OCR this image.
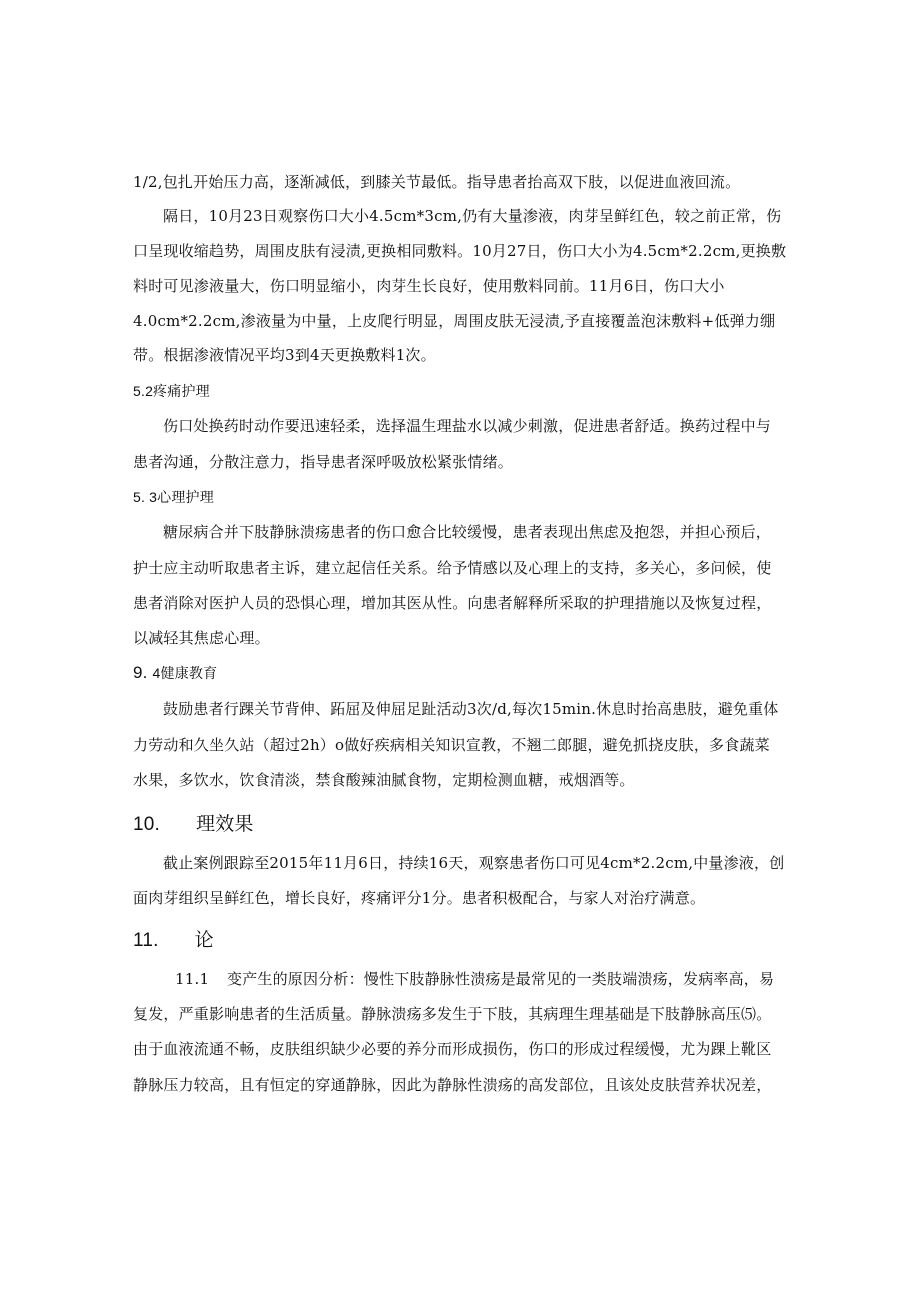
1/2,包扎开始压力高，逐渐减低，到膝关节最低。指导患者抬高双下肢，以促进血液回流。
隔日，10月23日观察伤口大小4.5cm*3cm,仍有大量渗液，肉芽呈鲜红色，较之前正常，伤
口呈现收缩趋势，周围皮肤有浸渍,更换相同敷料。10月27日，伤口大小为4.5cm*2.2cm,更换敷
料时可见渗液量大，伤口明显缩小，肉芽生长良好，使用敷料同前。11月6日，伤口大小
4.0cm*2.2cm,渗液量为中量，上皮爬行明显，周围皮肤无浸渍,予直接覆盖泡沫敷料+低弹力绷
带。根据渗液情况平均3到4天更换敷料1次。
5.2疼痛护理
伤口处换药时动作要迅速轻柔，选择温生理盐水以减少刺激，促进患者舒适。换药过程中与
患者沟通，分散注意力，指导患者深呼吸放松紧张情绪。
5. 3心理护理
糖尿病合并下肢静脉溃疡患者的伤口愈合比较缓慢，患者表现出焦虑及抱怨，并担心预后，
护士应主动听取患者主诉，建立起信任关系。给予情感以及心理上的支持，多关心，多问候，使
患者消除对医护人员的恐惧心理，增加其医从性。向患者解释所采取的护理措施以及恢复过程，
以减轻其焦虑心理。
9. 4健康教育
鼓励患者行踝关节背伸、跖屈及伸屈足趾活动3次/d,每次15min.休息时抬高患肢，避免重体
力劳动和久坐久站（超过2h）o做好疾病相关知识宣教，不翘二郎腿，避免抓挠皮肤，多食蔬菜
水果，多饮水，饮食清淡，禁食酸辣油腻食物，定期检测血糖，戒烟酒等。
10. 理效果
截止案例跟踪至2015年11月6日，持续16天，观察患者伤口可见4cm*2.2cm,中量渗液，创
面肉芽组织呈鲜红色，增长良好，疼痛评分1分。患者积极配合，与家人对治疗满意。
11. 论
11.1 变产生的原因分析：慢性下肢静脉性溃疡是最常见的一类肢端溃疡，发病率高，易
复发，严重影响患者的生活质量。静脉溃疡多发生于下肢，其病理生理基础是下肢静脉高压⑸。
由于血液流通不畅，皮肤组织缺少必要的养分而形成损伤，伤口的形成过程缓慢，尤为踝上靴区
静脉压力较高，且有恒定的穿通静脉，因此为静脉性溃疡的高发部位，且该处皮肤营养状况差，
